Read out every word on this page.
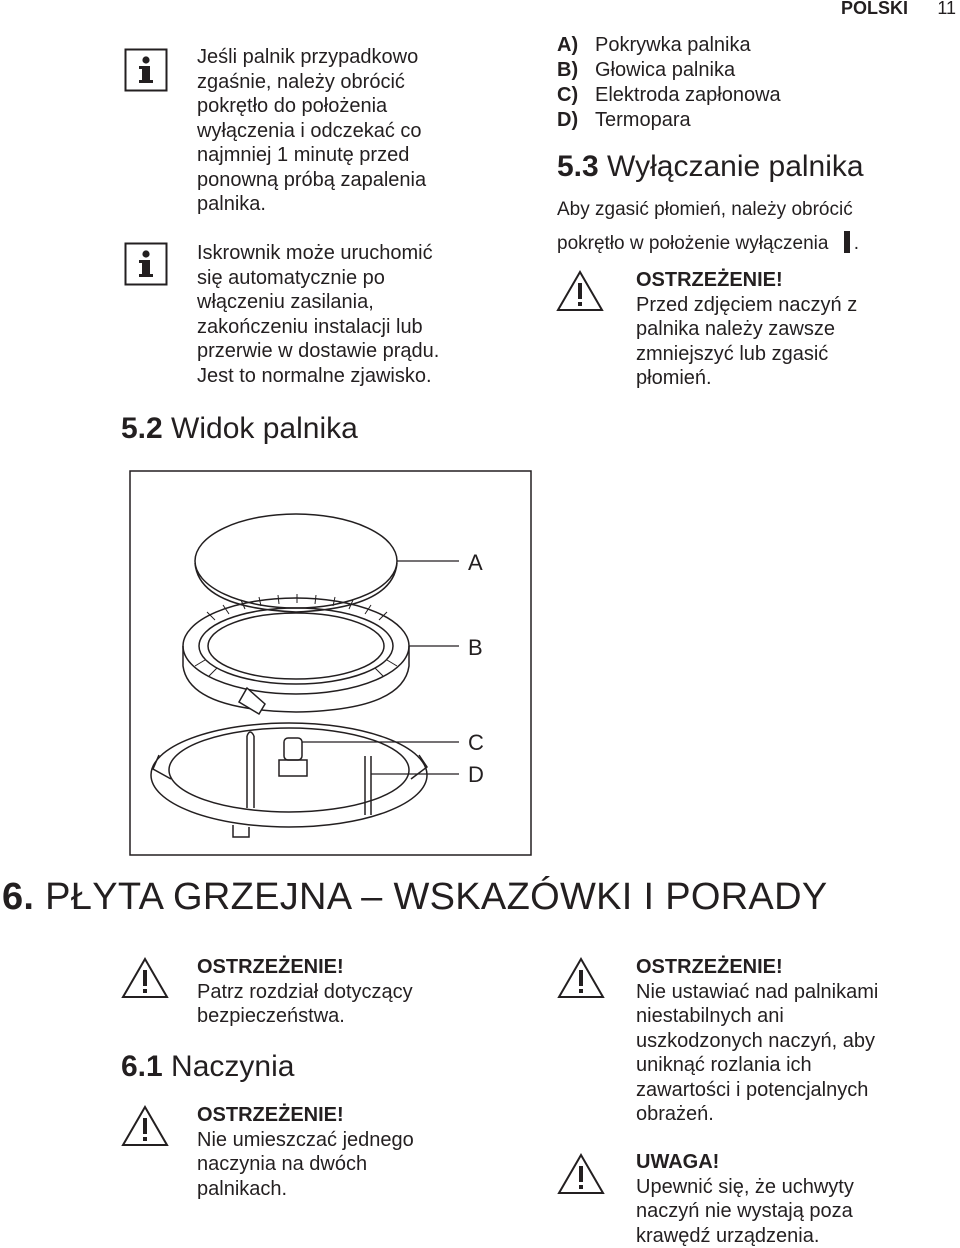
POLSKI 11
Jeśli palnik przypadkowo
zgaśnie, należy obrócić
pokrętło do położenia
wyłączenia i odczekać co
najmniej 1 minutę przed
ponowną próbą zapalenia
palnika.
Iskrownik może uruchomić
się automatycznie po
włączeniu zasilania,
zakończeniu instalacji lub
przerwie w dostawie prądu.
Jest to normalne zjawisko.
A) Pokrywka palnika
B) Głowica palnika
C) Elektroda zapłonowa
D) Termopara
5.3 Wyłączanie palnika
Aby zgasić płomień, należy obrócić
pokrętło w położenie wyłączenia .
OSTRZEŻENIE!
Przed zdjęciem naczyń z
palnika należy zawsze
zmniejszyć lub zgasić
płomień.
5.2 Widok palnika
A
B
C
D
6. PŁYTA GRZEJNA – WSKAZÓWKI I PORADY
OSTRZEŻENIE!
Patrz rozdział dotyczący
bezpieczeństwa.
6.1 Naczynia
OSTRZEŻENIE!
Nie umieszczać jednego
naczynia na dwóch
palnikach.
OSTRZEŻENIE!
Nie ustawiać nad palnikami
niestabilnych ani
uszkodzonych naczyń, aby
uniknąć rozlania ich
zawartości i potencjalnych
obrażeń.
UWAGA!
Upewnić się, że uchwyty
naczyń nie wystają poza
krawędź urządzenia.
